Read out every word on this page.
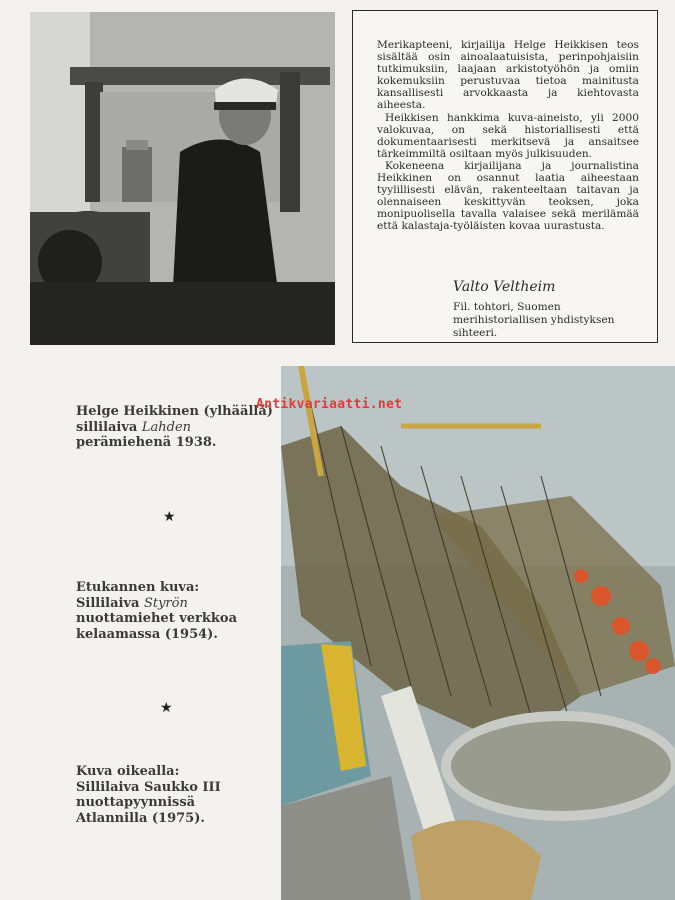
Merikapteeni, kirjailija Helge Heikkisen teos sisältää osin ainoalaatuisista, perinpohjaisiin tutkimuksiin, laajaan arkistotyöhön ja omiin kokemuksiin perustuvaa tietoa mainitusta kansallisesti arvokkaasta ja kiehtovasta aiheesta.

Heikkisen hankkima kuva-aineisto, yli 2000 valokuvaa, on sekä historiallisesti että dokumentaarisesti merkitsevä ja ansaitsee tärkeimmiltä osiltaan myös julkisuuden.

Kokeneena kirjailijana ja journalistina Heikkinen on osannut laatia aiheestaan tyylillisesti elävän, rakenteeltaan taitavan ja olennaiseen keskittyvän teoksen, joka monipuolisella tavalla valaisee sekä merilämää että kalastaja-työläisten kovaa uurastusta.

Valto Veltheim

Fil. tohtori, Suomen merihistoriallisen yhdistyksen sihteeri.

Helge Heikkinen (ylhäällä) sillilaiva Lahden perämiehenä 1938.

★

Etukannen kuva:
Sillilaiva Styrön nuottamiehet verkkoa kelaamassa (1954).

★

Kuva oikealla:
Sillilaiva Saukko III nuottapyynnissä Atlannilla (1975).

Antikvariaatti.net
